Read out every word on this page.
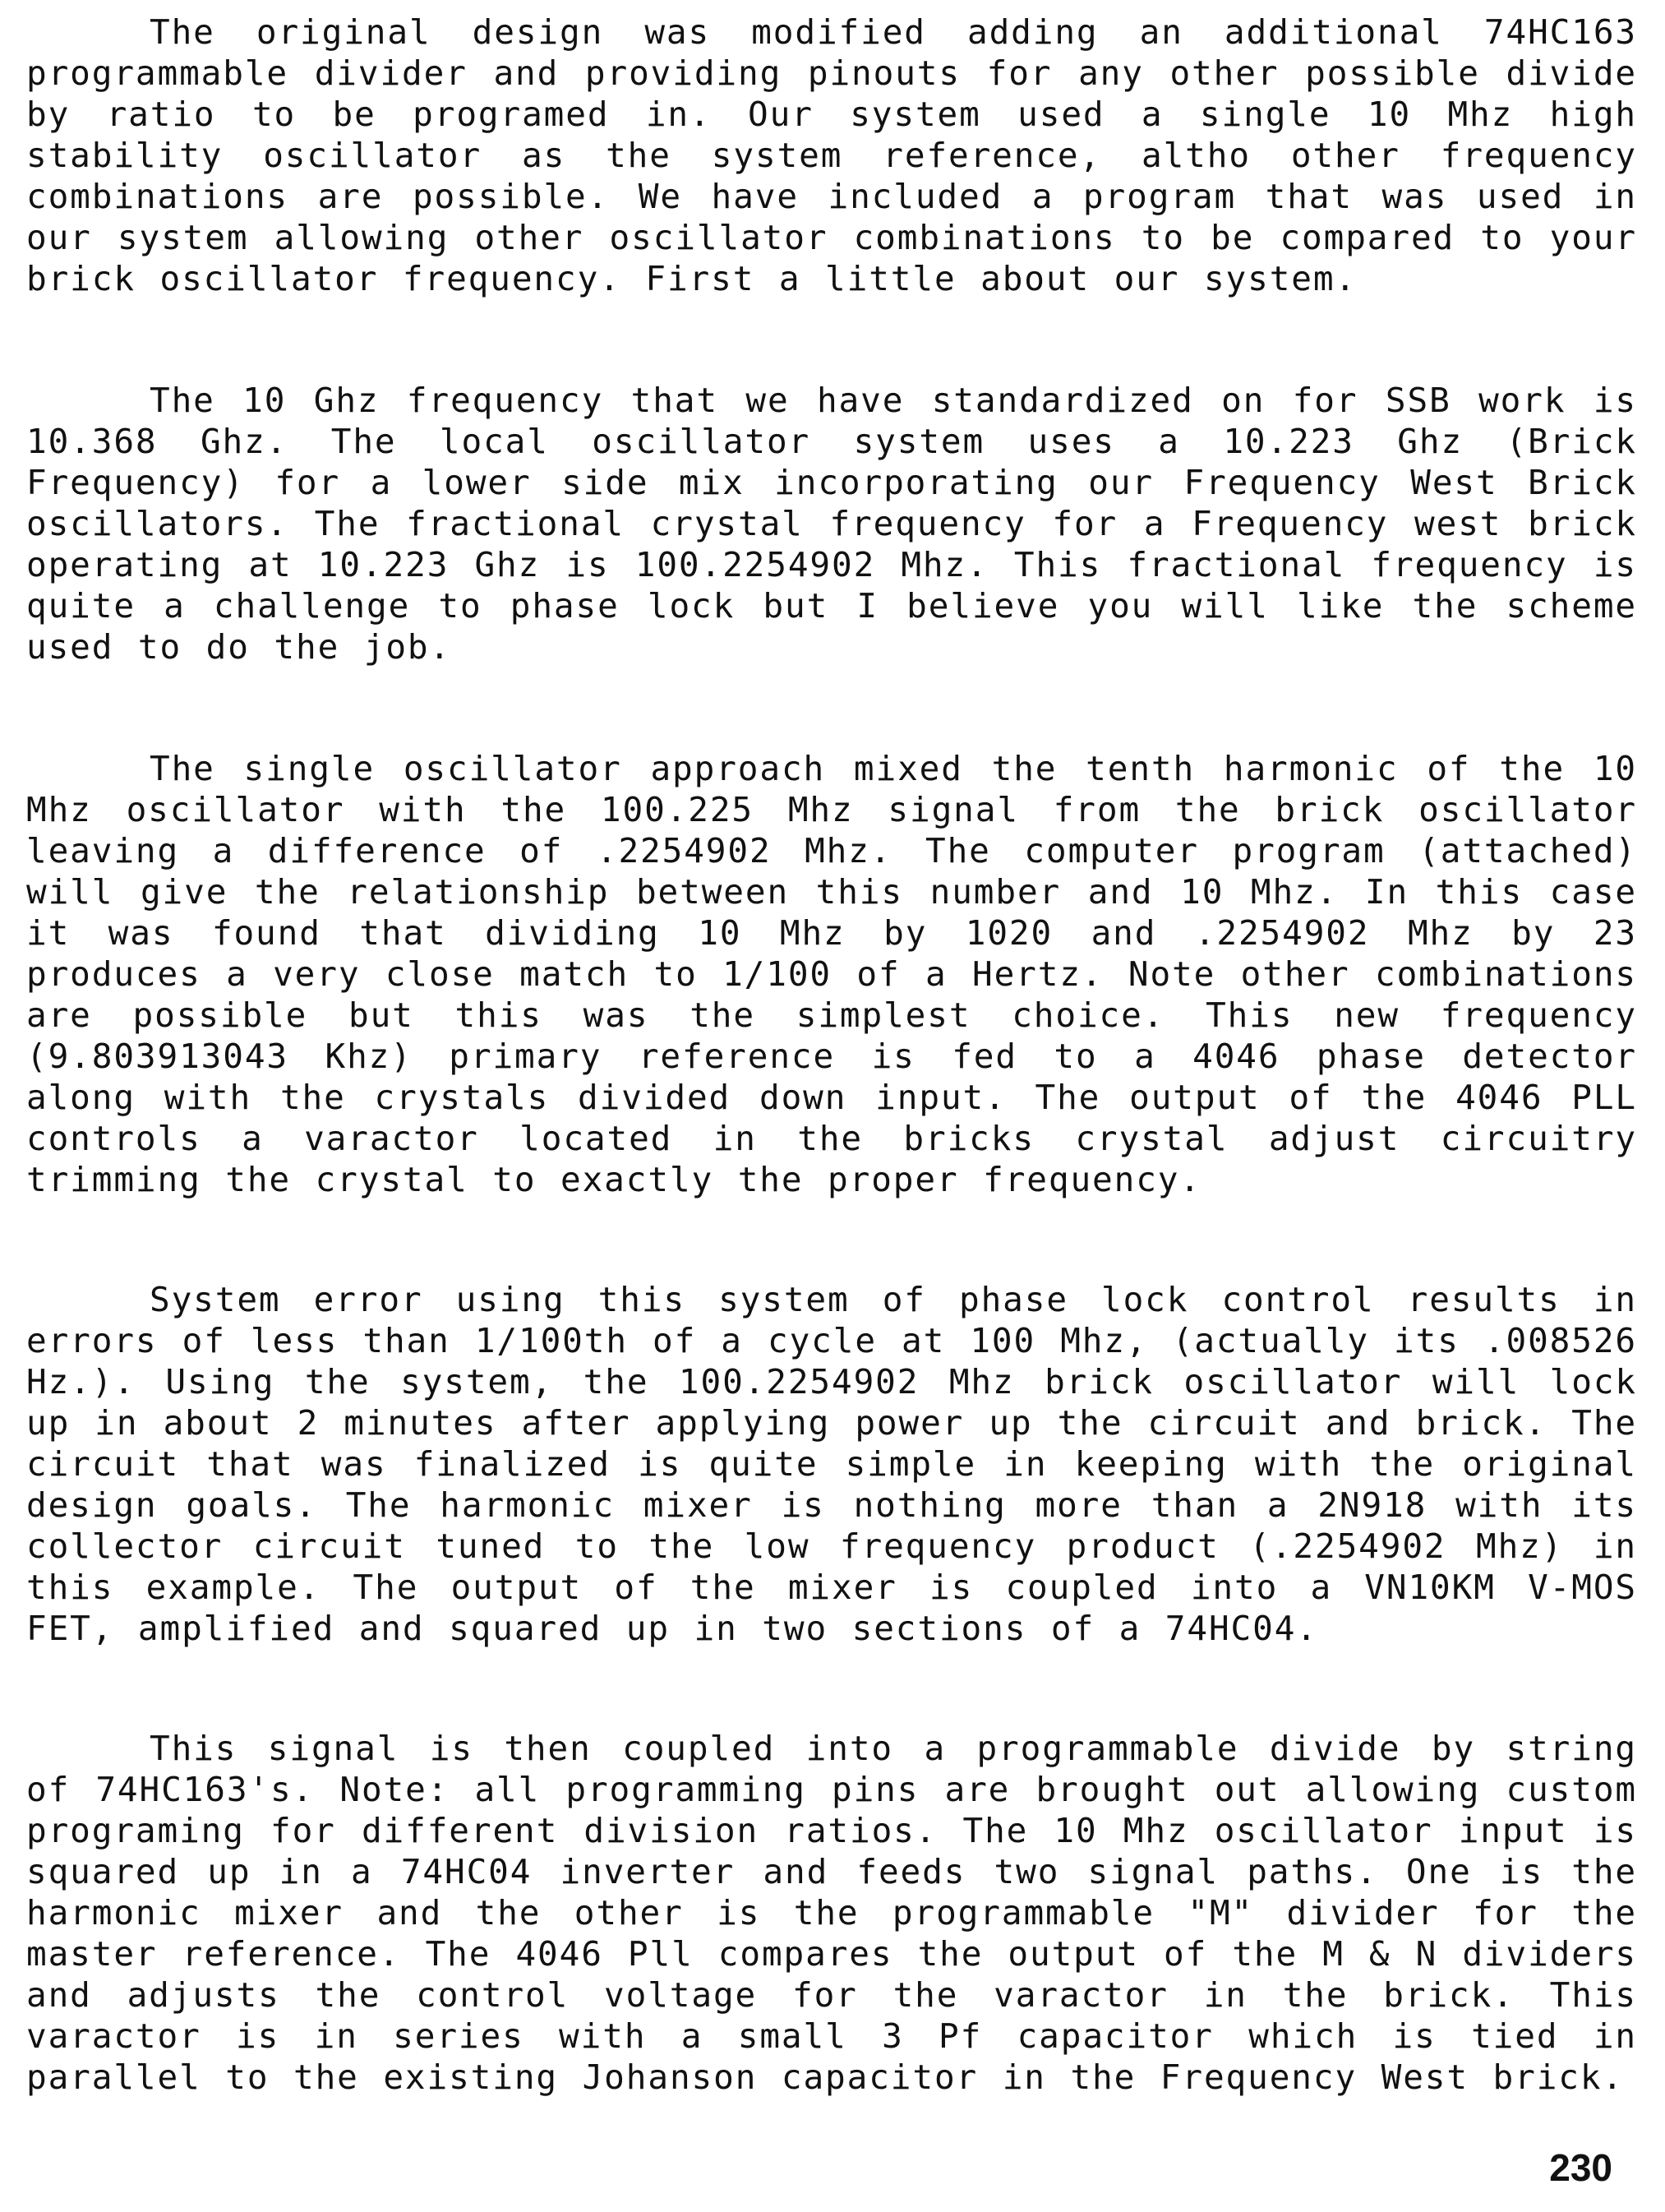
The original design was modified adding an additional 74HC163 programmable divider and providing pinouts for any other possible divide by ratio to be programed in. Our system used a single 10 Mhz high stability oscillator as the system reference, altho other frequency combinations are possible. We have included a program that was used in our system allowing other oscillator combinations to be compared to your brick oscillator frequency. First a little about our system.

The 10 Ghz frequency that we have standardized on for SSB work is 10.368 Ghz. The local oscillator system uses a 10.223 Ghz (Brick Frequency) for a lower side mix incorporating our Frequency West Brick oscillators. The fractional crystal frequency for a Frequency west brick operating at 10.223 Ghz is 100.2254902 Mhz. This fractional frequency is quite a challenge to phase lock but I believe you will like the scheme used to do the job.

The single oscillator approach mixed the tenth harmonic of the 10 Mhz oscillator with the 100.225 Mhz signal from the brick oscillator leaving a difference of .2254902 Mhz. The computer program (attached) will give the relationship between this number and 10 Mhz. In this case it was found that dividing 10 Mhz by 1020 and .2254902 Mhz by 23 produces a very close match to 1/100 of a Hertz. Note other combinations are possible but this was the simplest choice. This new frequency (9.803913043 Khz) primary reference is fed to a 4046 phase detector along with the crystals divided down input. The output of the 4046 PLL controls a varactor located in the bricks crystal adjust circuitry trimming the crystal to exactly the proper frequency.

System error using this system of phase lock control results in errors of less than 1/100th of a cycle at 100 Mhz, (actually its .008526 Hz.). Using the system, the 100.2254902 Mhz brick oscillator will lock up in about 2 minutes after applying power up the circuit and brick. The circuit that was finalized is quite simple in keeping with the original design goals. The harmonic mixer is nothing more than a 2N918 with its collector circuit tuned to the low frequency product (.2254902 Mhz) in this example. The output of the mixer is coupled into a VN10KM V-MOS FET, amplified and squared up in two sections of a 74HC04.

This signal is then coupled into a programmable divide by string of 74HC163's. Note: all programming pins are brought out allowing custom programing for different division ratios. The 10 Mhz oscillator input is squared up in a 74HC04 inverter and feeds two signal paths. One is the harmonic mixer and the other is the programmable "M" divider for the master reference. The 4046 Pll compares the output of the M & N dividers and adjusts the control voltage for the varactor in the brick. This varactor is in series with a small 3 Pf capacitor which is tied in parallel to the existing Johanson capacitor in the Frequency West brick.

230
